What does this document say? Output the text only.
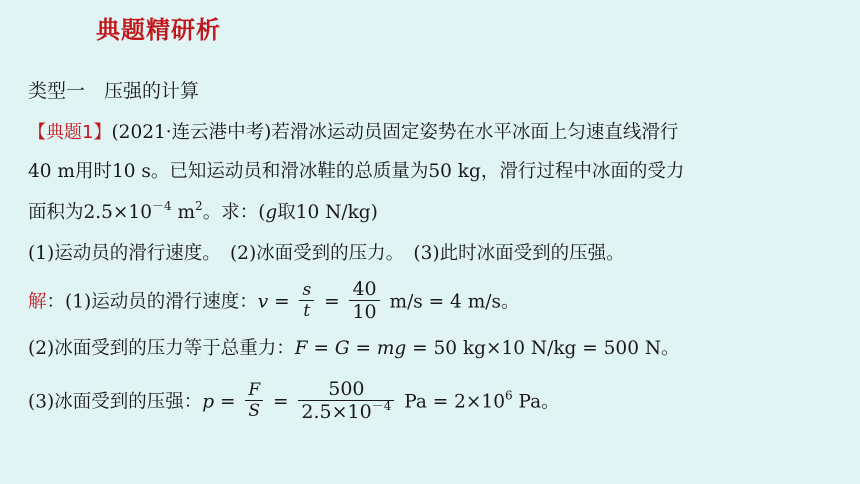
典题精研析
类型一　压强的计算
【典题1】(2021·连云港中考)若滑冰运动员固定姿势在水平冰面上匀速直线滑行
40 m用时10 s。已知运动员和滑冰鞋的总质量为50 kg，滑行过程中冰面的受力
面积为$2.5\times 10^{-4}$ $m^2$。求：(g取10 N/kg)
(1)运动员的滑行速度。　(2)冰面受到的压力。　(3)此时冰面受到的压强。
解：(1)运动员的滑行速度：$v = \frac{s}{t} = \frac{40}{10} m/s = 4$ m/s。
(2)冰面受到的压力等于总重力：F = G = mg = 50 kg×10 N/kg = 500 N。
(3)冰面受到的压强：$p = \frac{F}{S} = \frac{500}{2.5\times 10^{-4}}$ $Pa = 2\times 10^6$ Pa。
